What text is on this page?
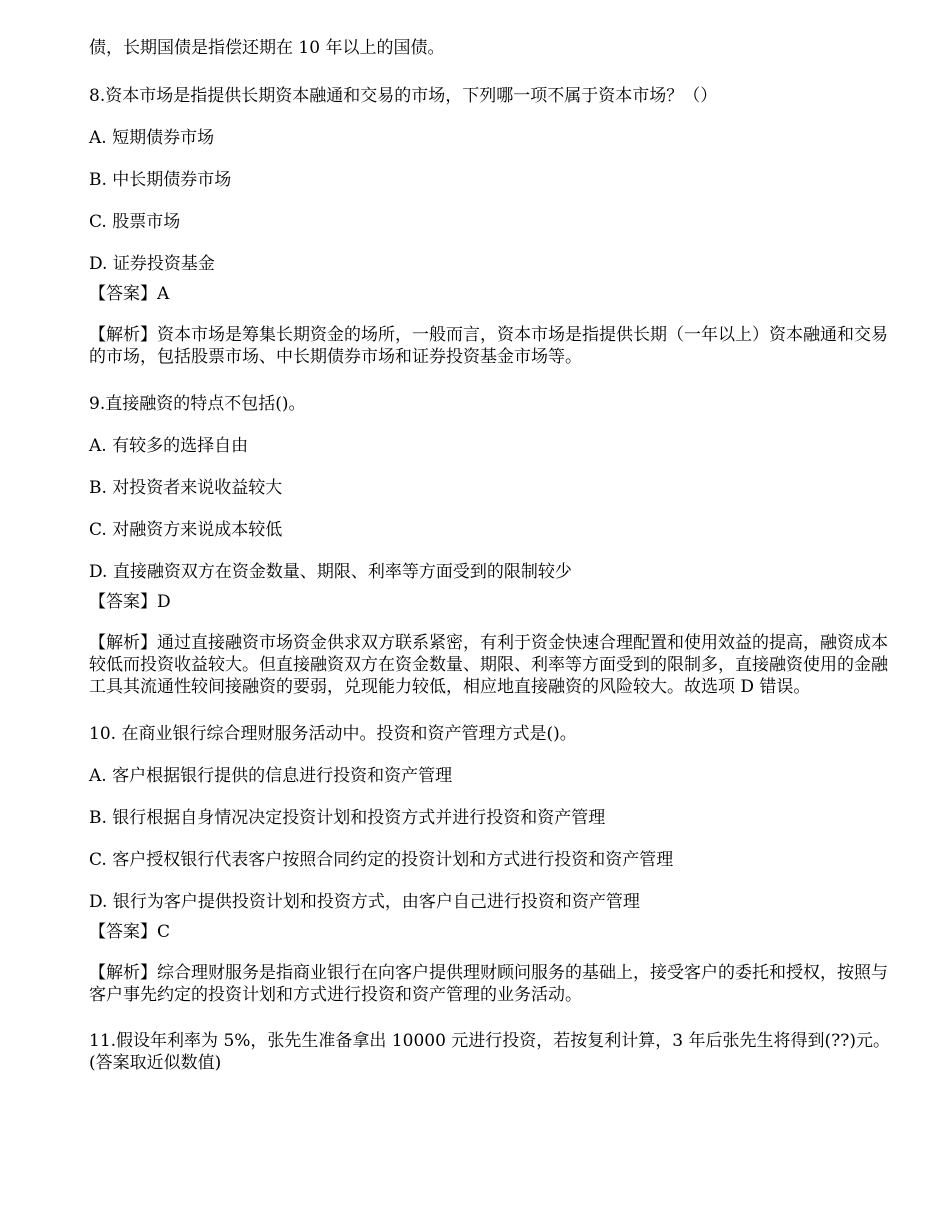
债，长期国债是指偿还期在 10 年以上的国债。
8.资本市场是指提供长期资本融通和交易的市场，下列哪一项不属于资本市场？（）
A. 短期债券市场
B. 中长期债券市场
C. 股票市场
D. 证券投资基金
【答案】A
【解析】资本市场是筹集长期资金的场所，一般而言，资本市场是指提供长期（一年以上）资本融通和交易的市场，包括股票市场、中长期债券市场和证券投资基金市场等。
9.直接融资的特点不包括()。
A. 有较多的选择自由
B. 对投资者来说收益较大
C. 对融资方来说成本较低
D. 直接融资双方在资金数量、期限、利率等方面受到的限制较少
【答案】D
【解析】通过直接融资市场资金供求双方联系紧密，有利于资金快速合理配置和使用效益的提高，融资成本较低而投资收益较大。但直接融资双方在资金数量、期限、利率等方面受到的限制多，直接融资使用的金融工具其流通性较间接融资的要弱，兑现能力较低，相应地直接融资的风险较大。故选项 D 错误。
10. 在商业银行综合理财服务活动中。投资和资产管理方式是()。
A. 客户根据银行提供的信息进行投资和资产管理
B. 银行根据自身情况决定投资计划和投资方式并进行投资和资产管理
C. 客户授权银行代表客户按照合同约定的投资计划和方式进行投资和资产管理
D. 银行为客户提供投资计划和投资方式，由客户自己进行投资和资产管理
【答案】C
【解析】综合理财服务是指商业银行在向客户提供理财顾问服务的基础上，接受客户的委托和授权，按照与客户事先约定的投资计划和方式进行投资和资产管理的业务活动。
11.假设年利率为 5%，张先生准备拿出 10000 元进行投资，若按复利计算，3 年后张先生将得到(??)元。(答案取近似数值)
